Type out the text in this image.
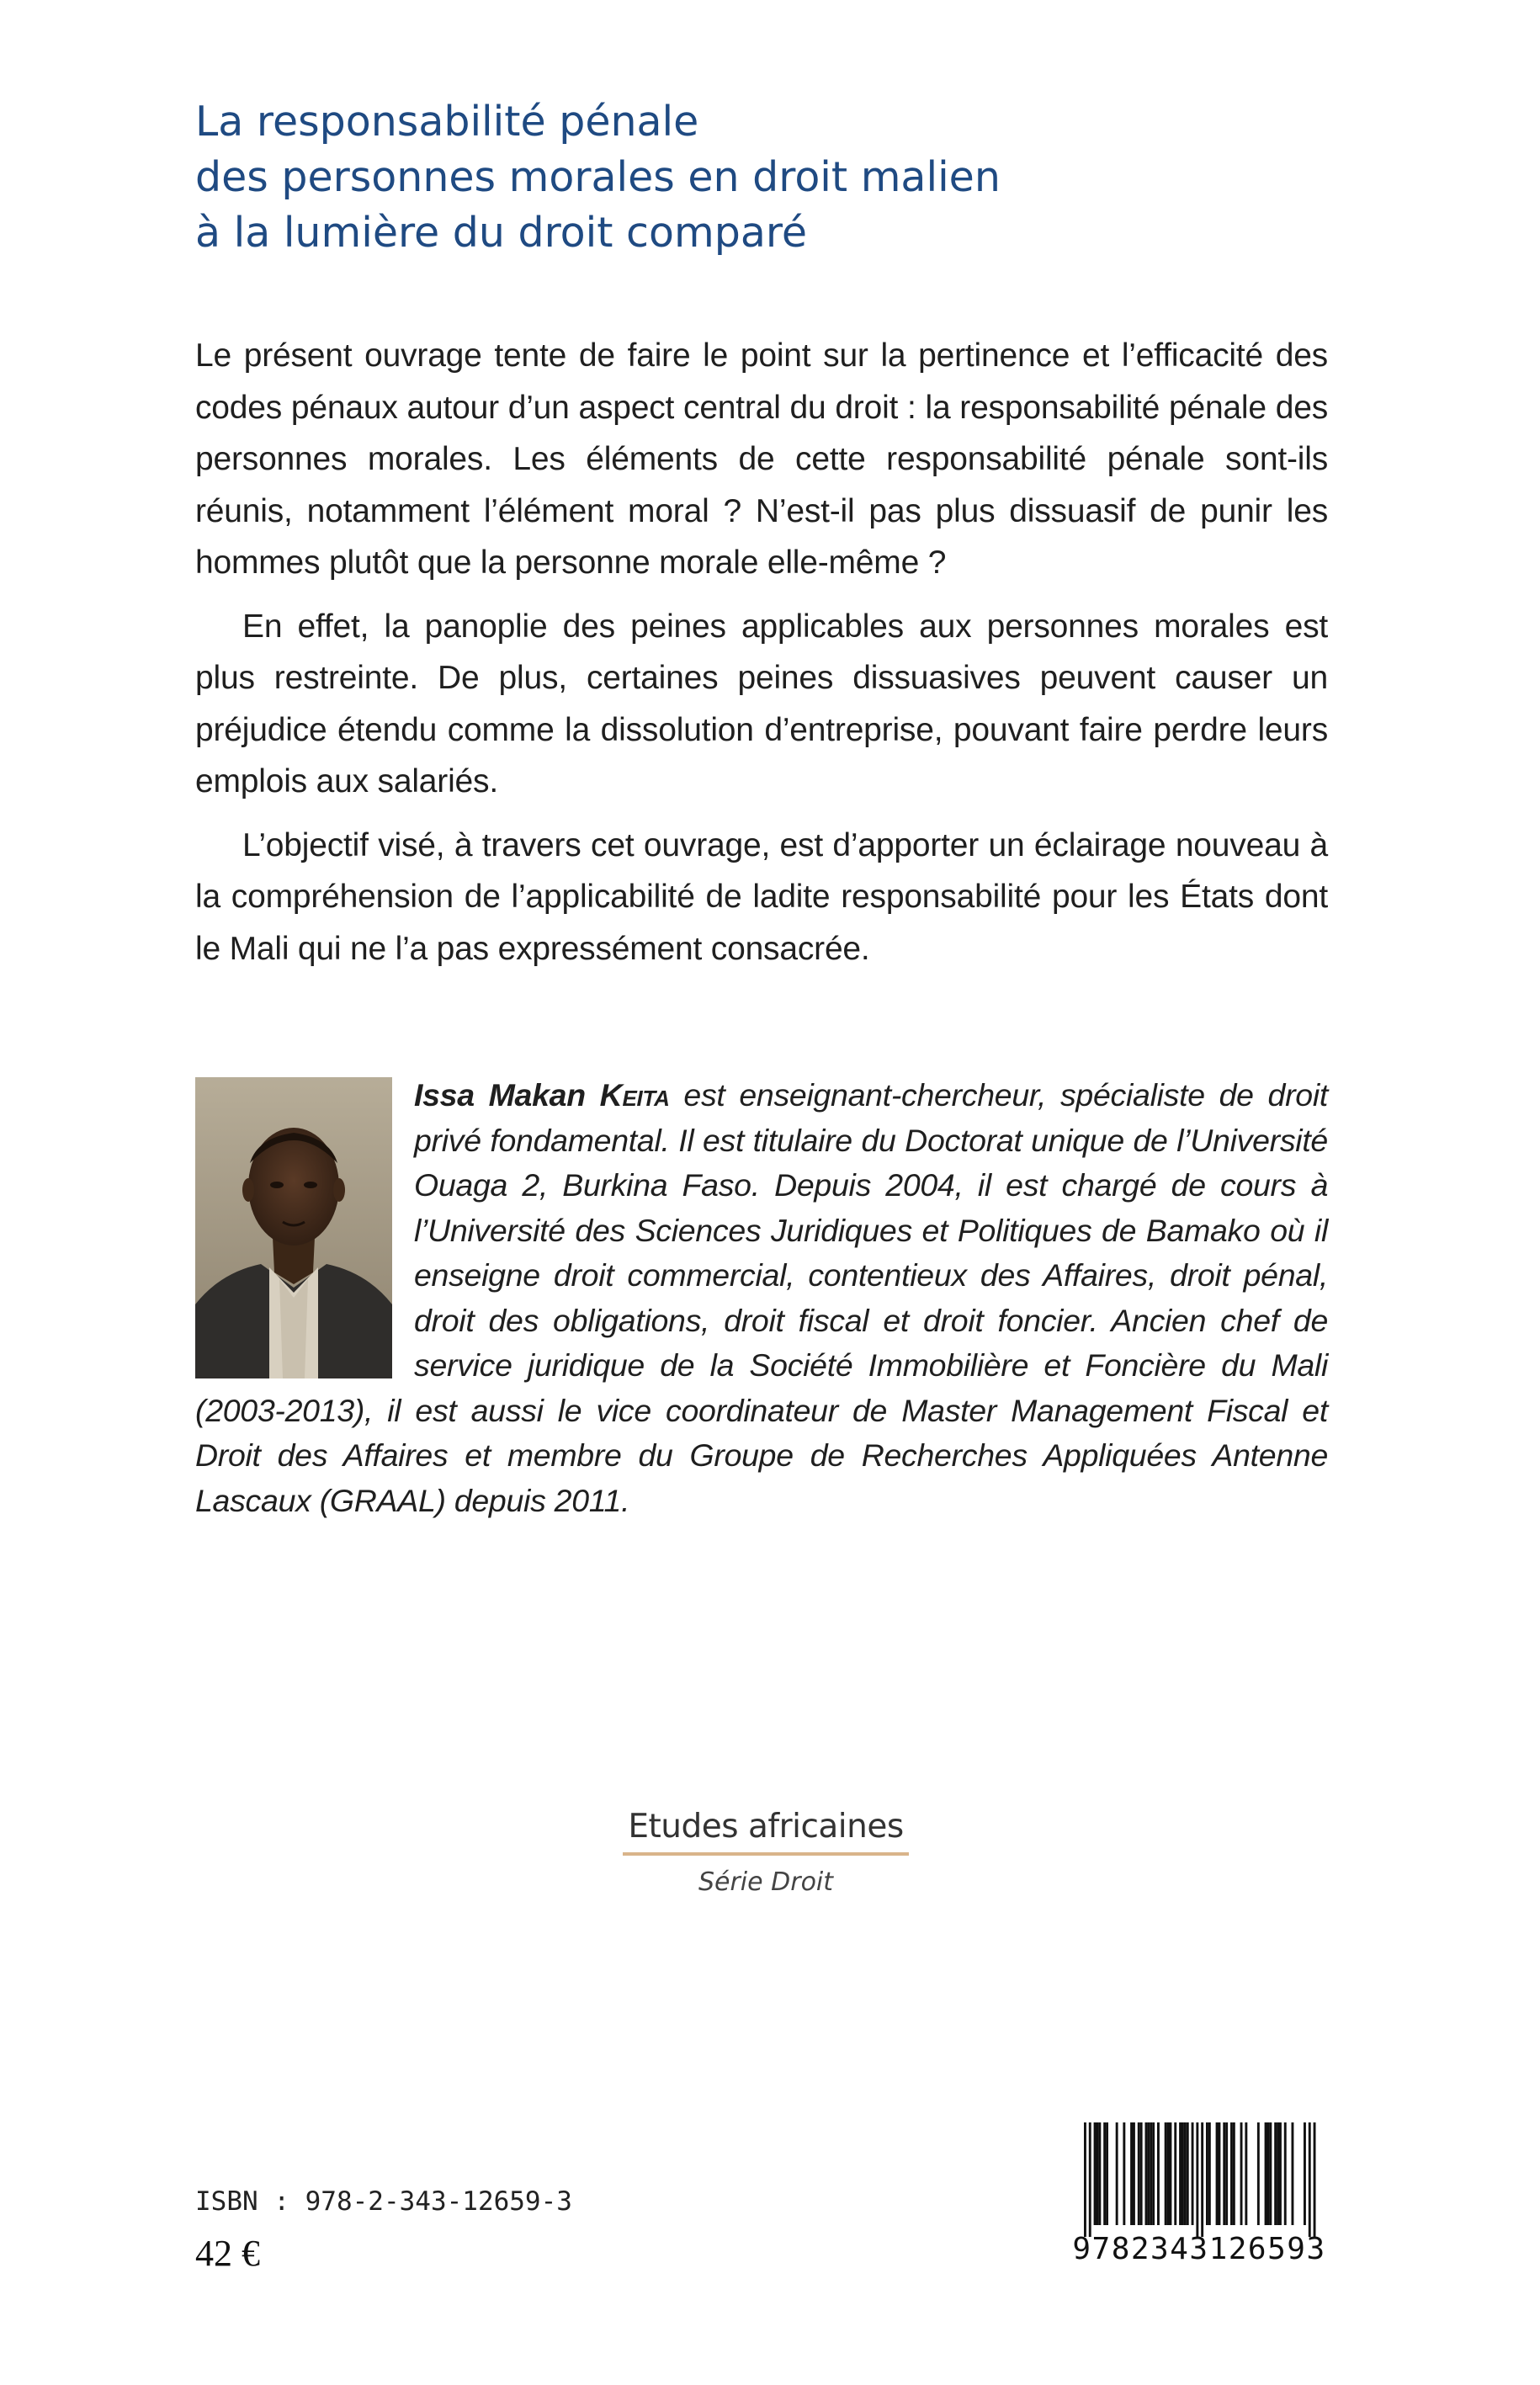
La responsabilité pénale
des personnes morales en droit malien
à la lumière du droit comparé

Le présent ouvrage tente de faire le point sur la pertinence et l’efficacité des codes pénaux autour d’un aspect central du droit : la responsabilité pénale des personnes morales. Les éléments de cette responsabilité pénale sont-ils réunis, notamment l’élément moral ? N’est-il pas plus dissuasif de punir les hommes plutôt que la personne morale elle-même ?

En effet, la panoplie des peines applicables aux personnes morales est plus restreinte. De plus, certaines peines dissuasives peuvent causer un préjudice étendu comme la dissolution d’entreprise, pouvant faire perdre leurs emplois aux salariés.

L’objectif visé, à travers cet ouvrage, est d’apporter un éclairage nouveau à la compréhension de l’applicabilité de ladite responsabilité pour les États dont le Mali qui ne l’a pas expressément consacrée.

Issa Makan Keita est enseignant-chercheur, spécialiste de droit privé fondamental. Il est titulaire du Doctorat unique de l’Université Ouaga 2, Burkina Faso. Depuis 2004, il est chargé de cours à l’Université des Sciences Juridiques et Politiques de Bamako où il enseigne droit commercial, contentieux des Affaires, droit pénal, droit des obligations, droit fiscal et droit foncier. Ancien chef de service juridique de la Société Immobilière et Foncière du Mali (2003-2013), il est aussi le vice coordinateur de Master Management Fiscal et Droit des Affaires et membre du Groupe de Recherches Appliquées Antenne Lascaux (GRAAL) depuis 2011.
Etudes africaines
Série Droit
ISBN : 978-2-343-12659-3
42 €	9782343126593
